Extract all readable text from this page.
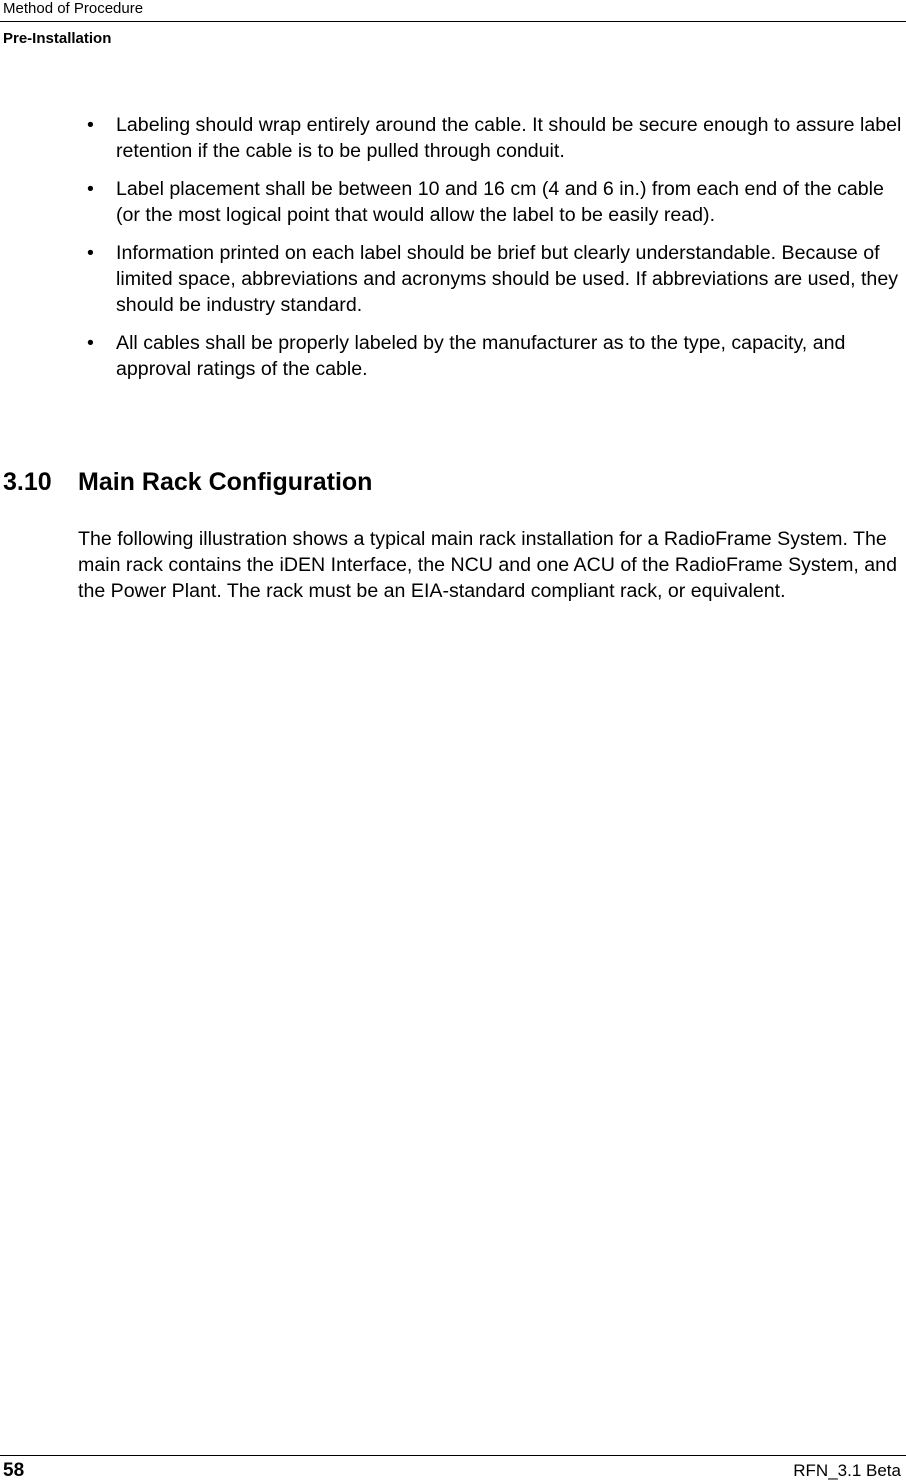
Method of Procedure
Pre-Installation
•	Labeling should wrap entirely around the cable. It should be secure enough to assure label retention if the cable is to be pulled through conduit.
•	Label placement shall be between 10 and 16 cm (4 and 6 in.) from each end of the cable (or the most logical point that would allow the label to be easily read).
•	Information printed on each label should be brief but clearly understandable. Because of limited space, abbreviations and acronyms should be used. If abbreviations are used, they should be industry standard.
•	All cables shall be properly labeled by the manufacturer as to the type, capacity, and approval ratings of the cable.
3.10 Main Rack Configuration

The following illustration shows a typical main rack installation for a RadioFrame System. The main rack contains the iDEN Interface, the NCU and one ACU of the RadioFrame System, and the Power Plant. The rack must be an EIA-standard compliant rack, or equivalent.

58	RFN_3.1 Beta
